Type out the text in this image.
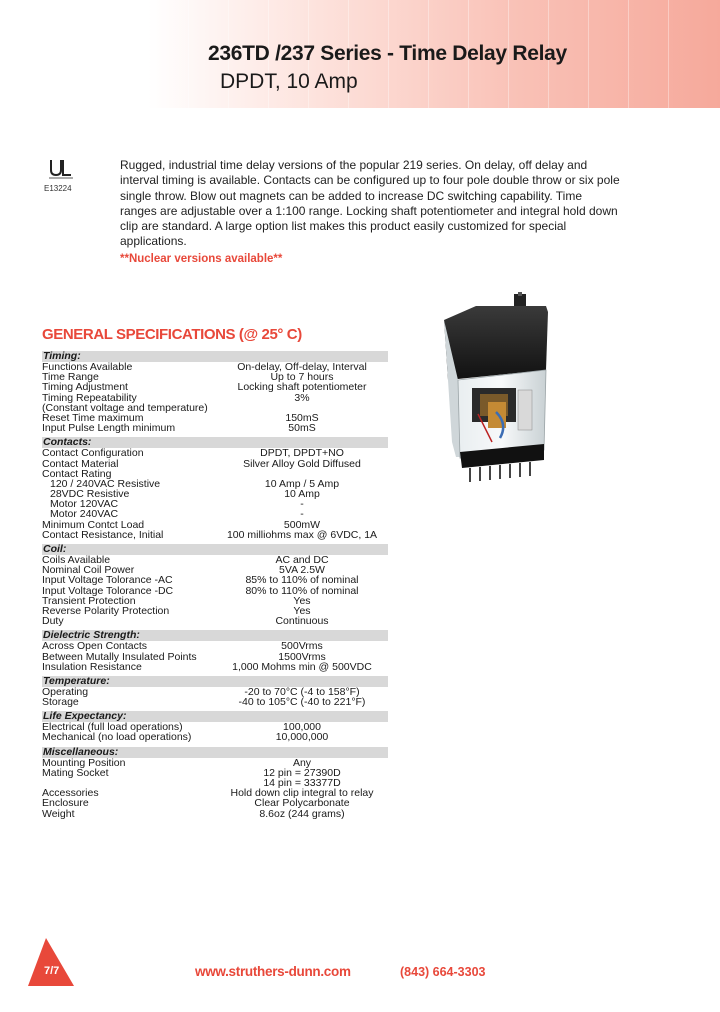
236TD /237 Series - Time Delay Relay
DPDT, 10 Amp
E13224
Rugged, industrial time delay versions of the popular 219 series. On delay, off delay and interval timing is available. Contacts can be configured up to four pole double throw or six pole single throw. Blow out magnets can be added to increase DC switching capability. Time ranges are adjustable over a 1:100 range. Locking shaft potentiometer and integral hold down clip are standard. A large option list makes this product easily customized for special applications.
**Nuclear versions available**
GENERAL SPECIFICATIONS (@ 25° C)
Timing:
Functions Available	On-delay, Off-delay, Interval
Time Range	Up to 7 hours
Timing Adjustment	Locking shaft potentiometer
Timing Repeatability	3%
(Constant voltage and temperature)
Reset Time maximum	150mS
Input Pulse Length minimum	50mS
Contacts:
Contact Configuration	DPDT, DPDT+NO
Contact Material	Silver Alloy Gold Diffused
Contact Rating
120 / 240VAC Resistive	10 Amp / 5 Amp
28VDC Resistive	10 Amp
Motor 120VAC	-
Motor 240VAC	-
Minimum Contct Load	500mW
Contact Resistance, Initial	100 milliohms max @ 6VDC, 1A
Coil:
Coils Available	AC and DC
Nominal Coil Power	5VA 2.5W
Input Voltage Tolorance -AC	85% to 110% of nominal
Input Voltage Tolorance -DC	80% to 110% of nominal
Transient Protection	Yes
Reverse Polarity Protection	Yes
Duty	Continuous
Dielectric Strength:
Across Open Contacts	500Vrms
Between Mutally Insulated Points	1500Vrms
Insulation Resistance	1,000 Mohms min @ 500VDC
Temperature:
Operating	-20 to 70°C (-4 to 158°F)
Storage	-40 to 105°C (-40 to 221°F)
Life Expectancy:
Electrical (full load operations)	100,000
Mechanical (no load operations)	10,000,000
Miscellaneous:
Mounting Position	Any
Mating Socket	12 pin = 27390D
14 pin = 33377D
Accessories	Hold down clip integral to relay
Enclosure	Clear Polycarbonate
Weight	8.6oz (244 grams)
7/7	www.struthers-dunn.com	(843) 664-3303
